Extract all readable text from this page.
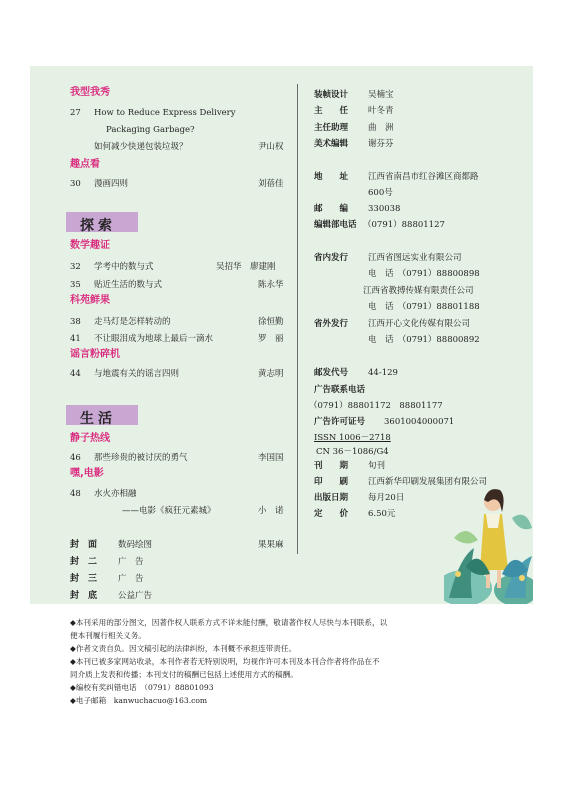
我型我秀
27 How to Reduce Express Delivery
Packaging Garbage?
如何减少快递包装垃圾？	尹山权
趣点看
30 漫画四则	刘蓓佳
探索
数学趣证
32 学考中的数与式	吴招华　廖建刚
35 贴近生活的数与式	陈永华
科苑鲜果
38 走马灯是怎样转动的	徐恒勤
41 不让眼泪成为地球上最后一滴水	罗　丽
谣言粉碎机
44 与地震有关的谣言四则	黄志明
生活
静子热线
46 那些珍贵的被讨厌的勇气	李国国
嘿,电影
48 水火亦相融
——电影《疯狂元素城》	小　诺
封　面 数码绘图	果果麻
封　二 广　告
封　三 广　告
封　底 公益广告
装帧设计 吴楠宝
主　　任 叶冬青
主任助理 曲　洲
美术编辑 谢芬芬
地　　址 江西省南昌市红谷滩区商都路
600号
邮　　编 330038
编辑部电话 （0791）88801127
省内发行 江西省图远实业有限公司
电　话　（0791）88800898
江西省教搏传媒有限责任公司
电　话　（0791）88801188
省外发行 江西开心文化传媒有限公司
电　话　（0791）88800892
邮发代号 44-129
广告联系电话
（0791）88801172　88801177
广告许可证号 3601004000071
ISSN 1006－2718
CN 36－1086/G4
刊　　期 旬刊
印　　刷 江西新华印刷发展集团有限公司
出版日期 每月20日
定　　价 6.50元
◆本刊采用的部分图文，因著作权人联系方式不详未能付酬，敬请著作权人尽快与本刊联系，以
便本刊履行相关义务。
◆作者文责自负。因文稿引起的法律纠纷，本刊概不承担连带责任。
◆本刊已被多家网站收录，本刊作者若无特别说明，均视作许可本刊及本刊合作者将作品在不
同介质上发表和传播；本刊支付的稿酬已包括上述使用方式的稿酬。
◆编校有奖纠错电话　（0791）88801093
◆电子邮箱　kanwuchacuo@163.com
